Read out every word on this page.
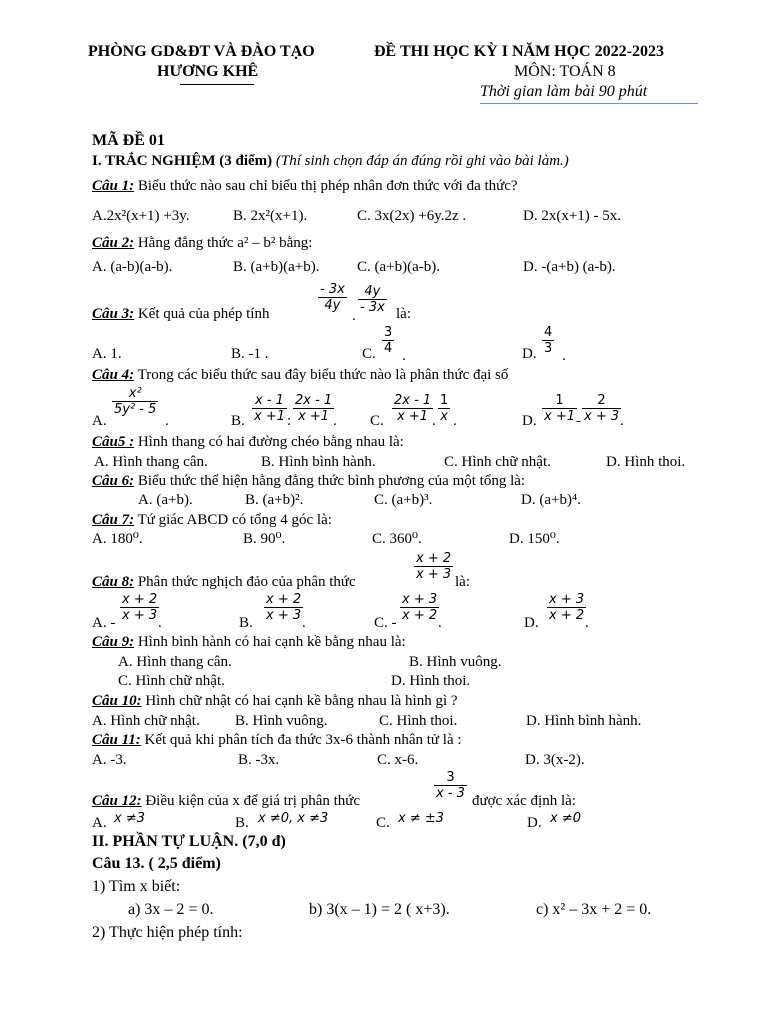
PHÒNG GD&ĐT VÀ ĐÀO TẠO
HƯƠNG KHÊ
ĐỀ THI HỌC KỲ I NĂM HỌC 2022-2023
MÔN: TOÁN 8
Thời gian làm bài 90 phút
MÃ ĐỀ 01
I. TRẮC NGHIỆM (3 điểm) (Thí sinh chọn đáp án đúng rồi ghi vào bài làm.)
Câu 1: Biểu thức nào sau chỉ biểu thị phép nhân đơn thức với đa thức?
A.2x²(x+1) +3y.	B. 2x²(x+1).	C. 3x(2x) +6y.2z .	D. 2x(x+1) - 5x.
Câu 2: Hằng đẳng thức a² – b² bằng:
A. (a-b)(a-b).	B. (a+b)(a+b).	C. (a+b)(a-b).	D. -(a+b) (a-b).
Câu 3: Kết quả của phép tính
$\frac{- 3x}{4y}$
.
$\frac{4y}{- 3x}$ là:
A. 1.	B. -1 .	C. $\frac{3}{4}$ .	D. $\frac{4}{3}$ .
Câu 4: Trong các biểu thức sau đây biểu thức nào là phân thức đại số
A.
$\frac{\text{x²}}{\text{5y² - 5}}$
.	B. $\frac{x - 1}{x +1}$ : $\frac{2x - 1}{x +1}$
. C. $\frac{2x - 1}{x +1}$
. $\frac{1}{x}$ .	D. $\frac{1}{x +1} - \frac{2}{x + 3}$
.
Câu5 : Hình thang có hai đường chéo bằng nhau là:
A. Hình thang cân.	B. Hình bình hành.	C. Hình chữ nhật.	D. Hình thoi.
Câu 6: Biểu thức thể hiện hằng đẳng thức bình phương của một tổng là:
A. (a+b).	B. (a+b)².	C. (a+b)³.	D. (a+b)⁴.
Câu 7: Tứ giác ABCD có tổng 4 góc là:
A. 180⁰.	B. 90⁰.	C. 360⁰.	D. 150⁰.
Câu 8: Phân thức nghịch đảo của phân thức	$\frac{x + 2}{x + 3}$ là:
A. - $\frac{x + 2}{x + 3}$
.	B. $\frac{x + 2}{x + 3}$
.	C. - $\frac{x + 3}{x + 2}$
.	D. $\frac{x + 3}{x + 2}$
.
Câu 9: Hình bình hành có hai cạnh kề bằng nhau là:
A. Hình thang cân.	B. Hình vuông.
C. Hình chữ nhật.	D. Hình thoi.
Câu 10: Hình chữ nhật có hai cạnh kề bằng nhau là hình gì ?
A. Hình chữ nhật. B. Hình vuông.	C. Hình thoi.	D. Hình bình hành.
Câu 11: Kết quả khi phân tích đa thức 3x-6 thành nhân tử là :
A. -3.	B. -3x.	C. x-6.	D. 3(x-2).
Câu 12: Điều kiện của x để giá trị phân thức	$\frac{3}{x - 3}$ được xác định là:
A. x ≠3	B. x ≠0, x ≠3	C. x ≠ ±3	D. x ≠0
II. PHẦN TỰ LUẬN. (7,0 đ)
Câu 13. ( 2,5 điểm)
1) Tìm x biết:
a) 3x – 2 = 0.	b) 3(x – 1) = 2 ( x+3).	c) x² – 3x + 2 = 0.
2) Thực hiện phép tính:
